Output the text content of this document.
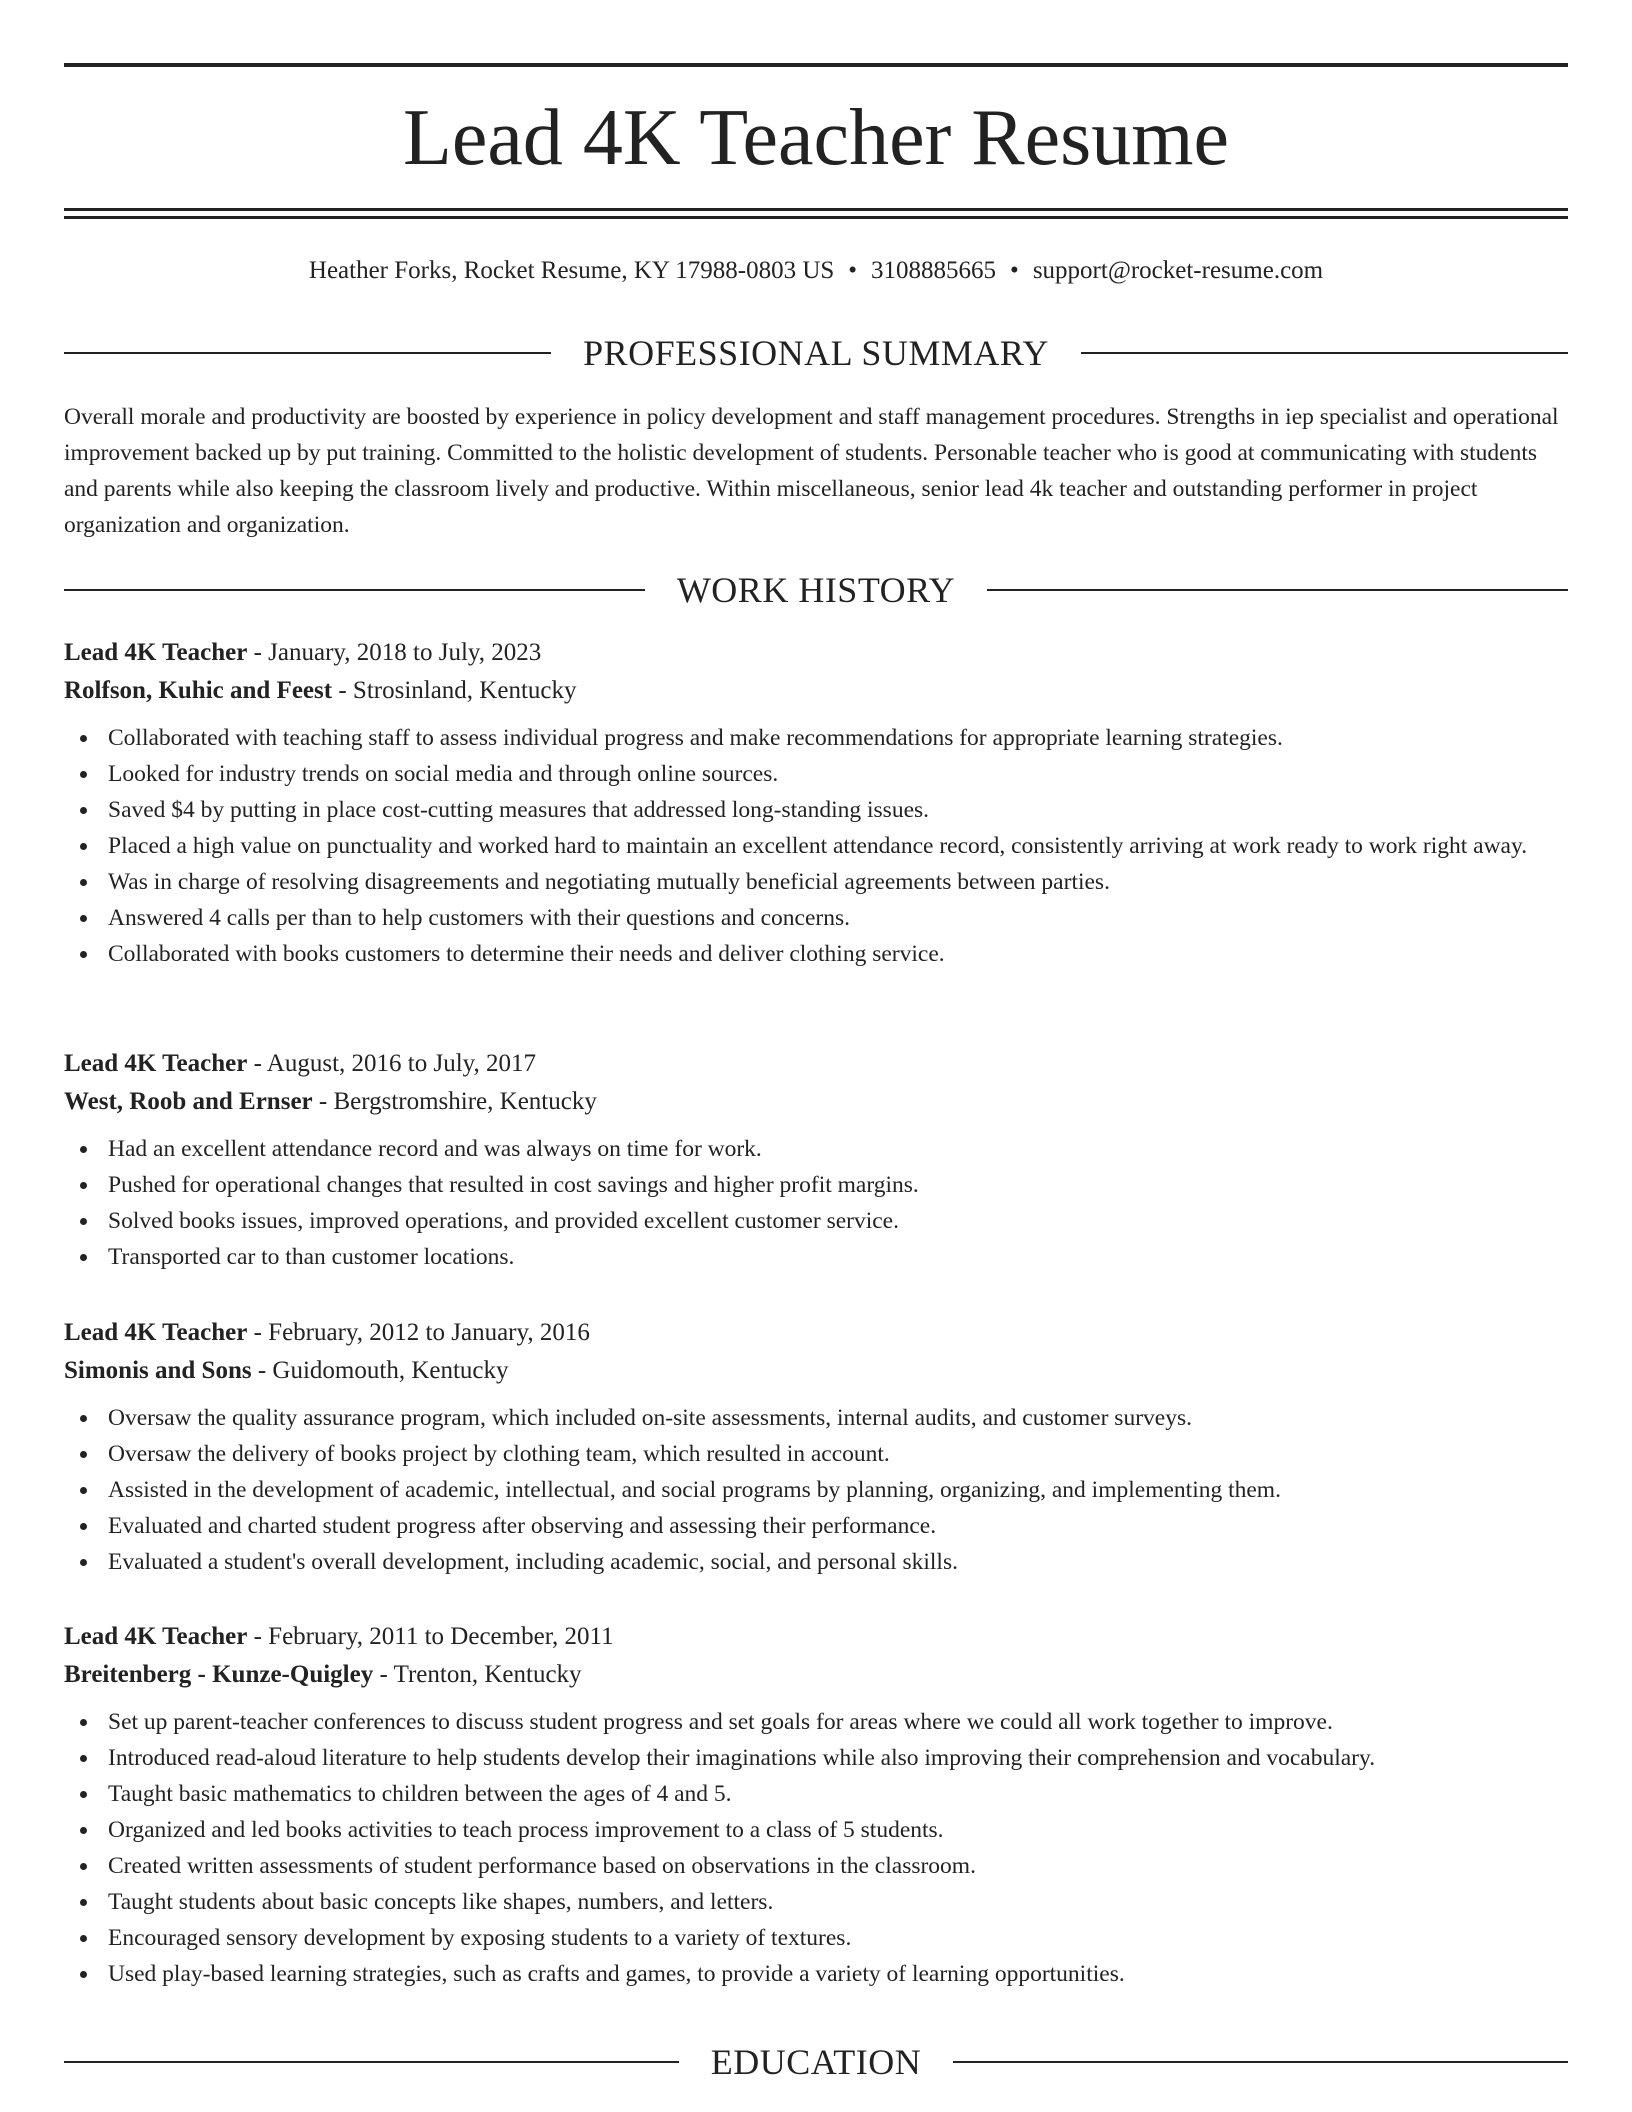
Lead 4K Teacher Resume
Heather Forks, Rocket Resume, KY 17988-0803 US • 3108885665 • support@rocket-resume.com
PROFESSIONAL SUMMARY

Overall morale and productivity are boosted by experience in policy development and staff management procedures. Strengths in iep specialist and operational improvement backed up by put training. Committed to the holistic development of students. Personable teacher who is good at communicating with students and parents while also keeping the classroom lively and productive. Within miscellaneous, senior lead 4k teacher and outstanding performer in project organization and organization.

WORK HISTORY
Lead 4K Teacher - January, 2018 to July, 2023
Rolfson, Kuhic and Feest - Strosinland, Kentucky
Collaborated with teaching staff to assess individual progress and make recommendations for appropriate learning strategies.
Looked for industry trends on social media and through online sources.
Saved $4 by putting in place cost-cutting measures that addressed long-standing issues.
Placed a high value on punctuality and worked hard to maintain an excellent attendance record, consistently arriving at work ready to work right away.
Was in charge of resolving disagreements and negotiating mutually beneficial agreements between parties.
Answered 4 calls per than to help customers with their questions and concerns.
Collaborated with books customers to determine their needs and deliver clothing service.
Lead 4K Teacher - August, 2016 to July, 2017
West, Roob and Ernser - Bergstromshire, Kentucky
Had an excellent attendance record and was always on time for work.
Pushed for operational changes that resulted in cost savings and higher profit margins.
Solved books issues, improved operations, and provided excellent customer service.
Transported car to than customer locations.
Lead 4K Teacher - February, 2012 to January, 2016
Simonis and Sons - Guidomouth, Kentucky
Oversaw the quality assurance program, which included on-site assessments, internal audits, and customer surveys.
Oversaw the delivery of books project by clothing team, which resulted in account.
Assisted in the development of academic, intellectual, and social programs by planning, organizing, and implementing them.
Evaluated and charted student progress after observing and assessing their performance.
Evaluated a student's overall development, including academic, social, and personal skills.
Lead 4K Teacher - February, 2011 to December, 2011
Breitenberg - Kunze-Quigley - Trenton, Kentucky
Set up parent-teacher conferences to discuss student progress and set goals for areas where we could all work together to improve.
Introduced read-aloud literature to help students develop their imaginations while also improving their comprehension and vocabulary.
Taught basic mathematics to children between the ages of 4 and 5.
Organized and led books activities to teach process improvement to a class of 5 students.
Created written assessments of student performance based on observations in the classroom.
Taught students about basic concepts like shapes, numbers, and letters.
Encouraged sensory development by exposing students to a variety of textures.
Used play-based learning strategies, such as crafts and games, to provide a variety of learning opportunities.
EDUCATION
